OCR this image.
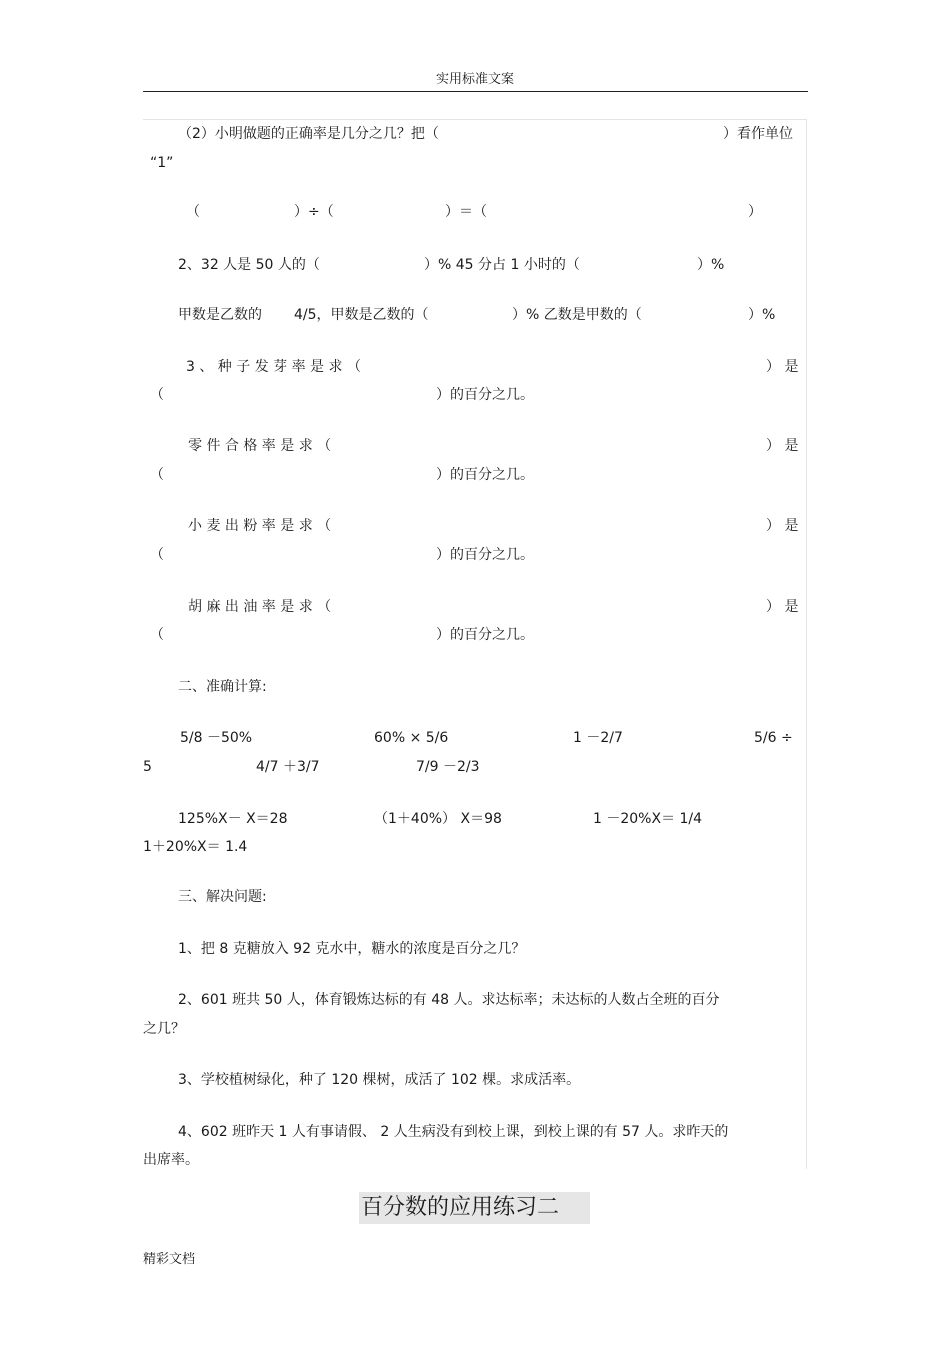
实用标准文案
（2）小明做题的正确率是几分之几？把（	）看作单位
“1”
（	）÷（	）＝（	）
2、32 人是 50 人的（	）% 45 分占 1 小时的（	）%
甲数是乙数的 4/5，甲数是乙数的（	）% 乙数是甲数的（	）%
3 、 种 子 发 芽 率 是 求 （	） 是
（	）的百分之几。
零 件 合 格 率 是 求 （	） 是
（	）的百分之几。
小 麦 出 粉 率 是 求 （	） 是
（	）的百分之几。
胡 麻 出 油 率 是 求 （	） 是
（	）的百分之几。
二、准确计算:
5/8 －50%	60% × 5/6	1 －2/7	5/6 ÷
5	4/7 ＋3/7	7/9 －2/3
125%X－ X＝28	（1＋40%） X＝98	1 －20%X＝ 1/4
1＋20%X＝ 1.4
三、解决问题:
1、把 8 克糖放入 92 克水中，糖水的浓度是百分之几？
2、601 班共 50 人，体育锻炼达标的有 48 人。求达标率；未达标的人数占全班的百分
之几？
3、学校植树绿化，种了 120 棵树，成活了 102 棵。求成活率。
4、602 班昨天 1 人有事请假、 2 人生病没有到校上课，到校上课的有 57 人。求昨天的
出席率。
百分数的应用练习二
精彩文档
